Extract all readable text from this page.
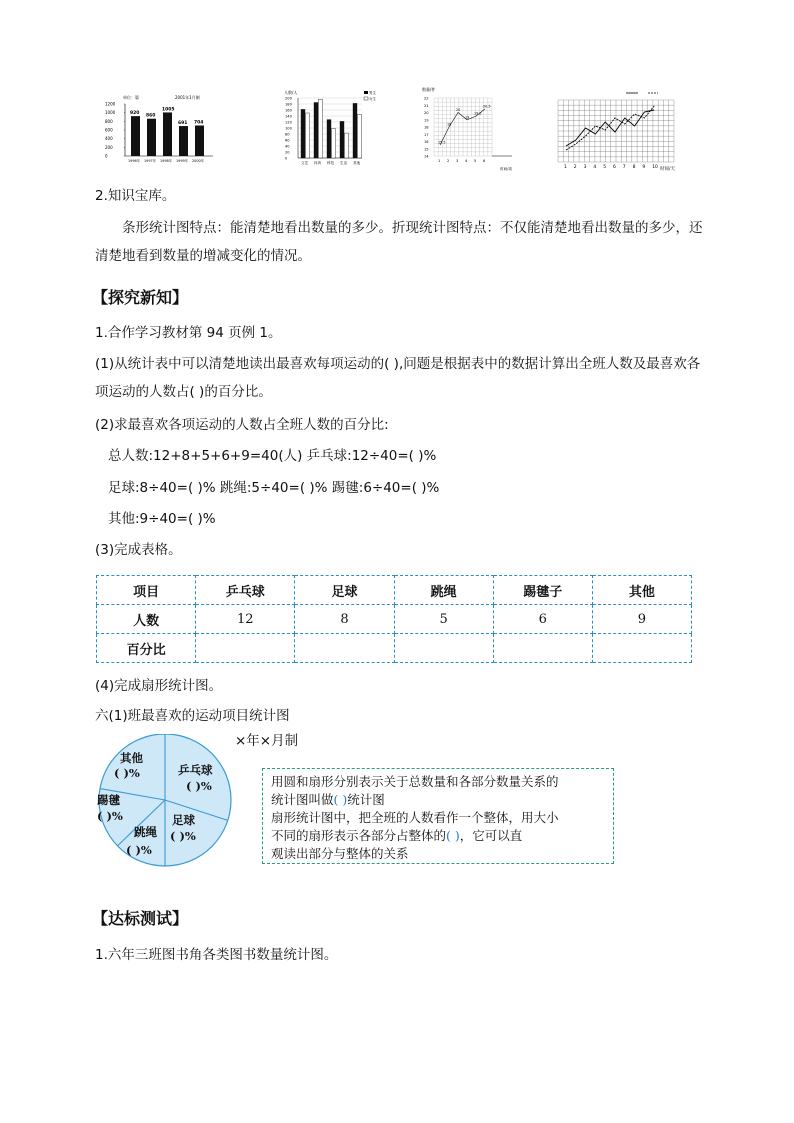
单位：篇	2001年1月制
1200
1000
800
600
400
200
0
920
1996年
860
1997年
1005
1998年
691
1999年
704
2000年
人数/人	男生
女生
200
180
160
140
120
100
80
60
40
20
0
文艺 体育 科技 生活 其他
数量/件
22
21
20
19
18
17
16
15
14
1 2 3 4 5 6
15.5
18
20
19
19.5
20.5
时间/周	1 2 3 4 5 6 7 8 9 10 时间/天
2.知识宝库。
条形统计图特点：能清楚地看出数量的多少。折现统计图特点：不仅能清楚地看出数量的多少，还清楚地看到数量的增减变化的情况。
【探究新知】
1.合作学习教材第 94 页例 1。
(1)从统计表中可以清楚地读出最喜欢每项运动的( ),问题是根据表中的数据计算出全班人数及最喜欢各项运动的人数占( )的百分比。
(2)求最喜欢各项运动的人数占全班人数的百分比:
总人数:12+8+5+6+9=40(人) 乒乓球:12÷40=( )%
足球:8÷40=( )% 跳绳:5÷40=( )% 踢毽:6÷40=( )%
其他:9÷40=( )%
(3)完成表格。
项目	乒乓球	足球	跳绳	踢毽子	其他
人数	12	8	5	6	9
百分比					
(4)完成扇形统计图。
六(1)班最喜欢的运动项目统计图
×年×月制
其他
( )%	乒乓球
( )%
足球
( )%
跳绳
( )%
踢毽
( )%
用圆和扇形分别表示关于总数量和各部分数量关系的
统计图叫做( )统计图
扇形统计图中，把全班的人数看作一个整体，用大小
不同的扇形表示各部分占整体的( )，它可以直
观读出部分与整体的关系
【达标测试】
1.六年三班图书角各类图书数量统计图。
